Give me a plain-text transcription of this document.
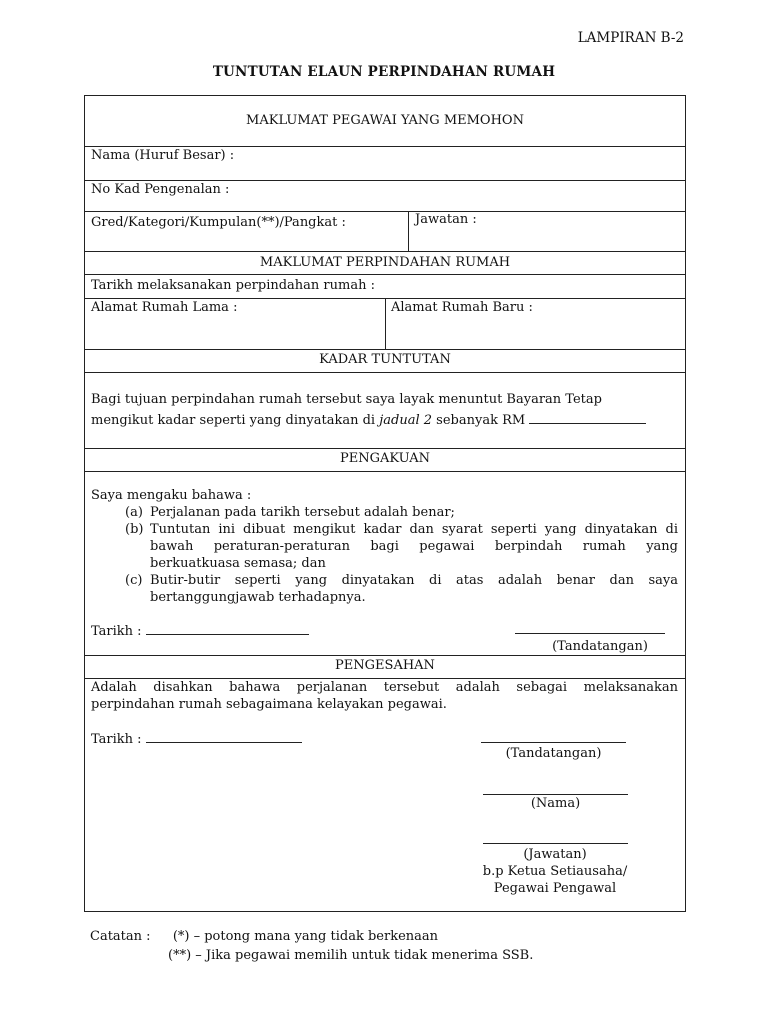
LAMPIRAN B-2
TUNTUTAN ELAUN PERPINDAHAN RUMAH
MAKLUMAT PEGAWAI YANG MEMOHON
Nama (Huruf Besar) :
No Kad Pengenalan :
Gred/Kategori/Kumpulan(**)/Pangkat :	Jawatan :
MAKLUMAT PERPINDAHAN RUMAH
Tarikh melaksanakan perpindahan rumah :
Alamat Rumah Lama :	Alamat Rumah Baru :
KADAR TUNTUTAN
Bagi tujuan perpindahan rumah tersebut saya layak menuntut Bayaran Tetap
mengikut kadar seperti yang dinyatakan di jadual 2 sebanyak RM
PENGAKUAN
Saya mengaku bahawa :
(a) Perjalanan pada tarikh tersebut adalah benar;
(b) Tuntutan ini dibuat mengikut kadar dan syarat seperti yang dinyatakan di
bawah peraturan-peraturan bagi pegawai berpindah rumah yang
berkuatkuasa semasa; dan
(c) Butir-butir seperti yang dinyatakan di atas adalah benar dan saya
bertanggungjawab terhadapnya.
Tarikh :
(Tandatangan)
PENGESAHAN
Adalah disahkan bahawa perjalanan tersebut adalah sebagai melaksanakan
perpindahan rumah sebagaimana kelayakan pegawai.
Tarikh :
(Tandatangan)
(Nama)
(Jawatan)
b.p Ketua Setiausaha/
Pegawai Pengawal
Catatan : (*) – potong mana yang tidak berkenaan
(**) – Jika pegawai memilih untuk tidak menerima SSB.
